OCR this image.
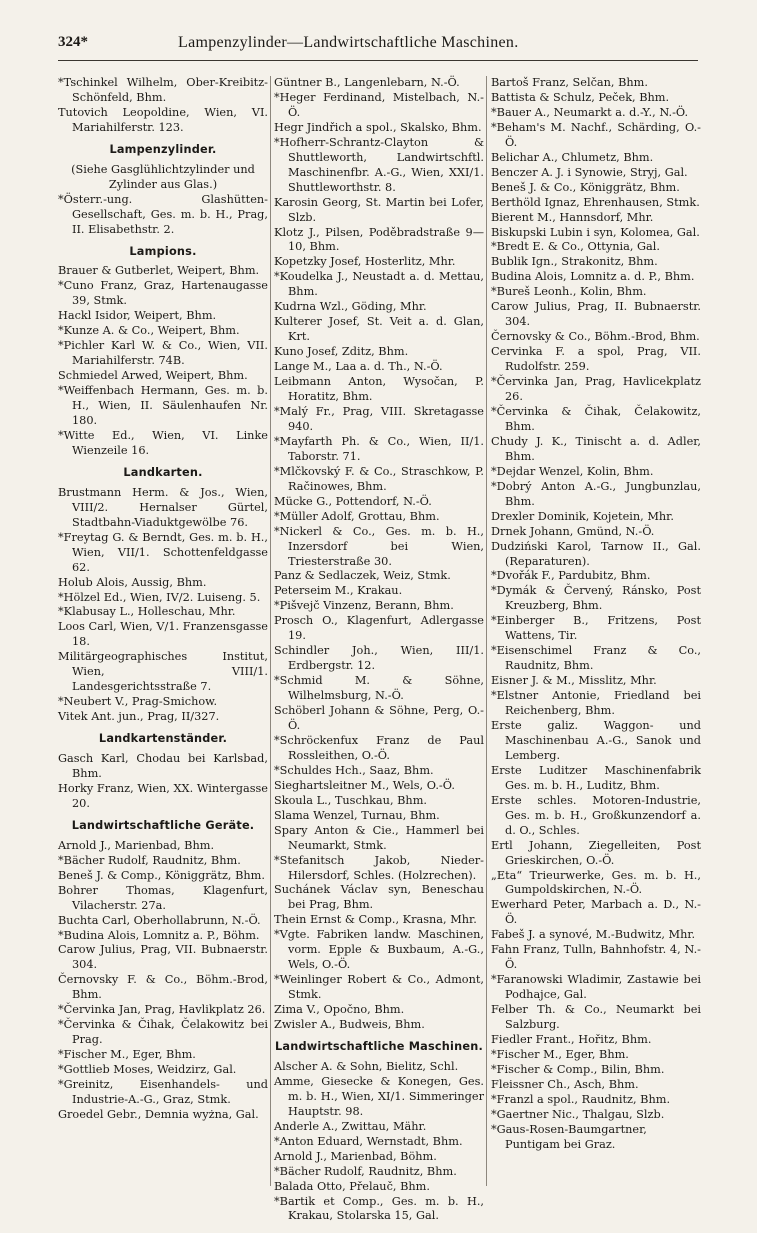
324*	Lampenzylinder—Landwirtschaftliche Maschinen.
*Tschinkel Wilhelm, Ober-Kreibitz-Schönfeld, Bhm.
Tutovich Leopoldine, Wien, VI. Mariahilferstr. 123.
Lampenzylinder.
(Siehe Gasglühlichtzylinder und Zylinder aus Glas.)
*Österr.-ung. Glashütten-Gesellschaft, Ges. m. b. H., Prag, II. Elisabethstr. 2.
Lampions.
Brauer & Gutberlet, Weipert, Bhm.
*Cuno Franz, Graz, Hartenaugasse 39, Stmk.
Hackl Isidor, Weipert, Bhm.
*Kunze A. & Co., Weipert, Bhm.
*Pichler Karl W. & Co., Wien, VII. Mariahilferstr. 74B.
Schmiedel Arwed, Weipert, Bhm.
*Weiffenbach Hermann, Ges. m. b. H., Wien, II. Säulenhaufen Nr. 180.
*Witte Ed., Wien, VI. Linke Wienzeile 16.
Landkarten.
Brustmann Herm. & Jos., Wien, VIII/2. Hernalser Gürtel, Stadtbahn-Viaduktgewölbe 76.
*Freytag G. & Berndt, Ges. m. b. H., Wien, VII/1. Schottenfeldgasse 62.
Holub Alois, Aussig, Bhm.
*Hölzel Ed., Wien, IV/2. Luiseng. 5.
*Klabusay L., Holleschau, Mhr.
Loos Carl, Wien, V/1. Franzensgasse 18.
Militärgeographisches Institut, Wien, VIII/1. Landesgerichtsstraße 7.
*Neubert V., Prag-Smichow.
Vitek Ant. jun., Prag, II/327.
Landkartenständer.
Gasch Karl, Chodau bei Karlsbad, Bhm.
Horky Franz, Wien, XX. Wintergasse 20.
Landwirtschaftliche Geräte.
Arnold J., Marienbad, Bhm.
*Bächer Rudolf, Raudnitz, Bhm.
Beneš J. & Comp., Königgrätz, Bhm.
Bohrer Thomas, Klagenfurt, Vilacherstr. 27a.
Buchta Carl, Oberhollabrunn, N.-Ö.
*Budina Alois, Lomnitz a. P., Böhm.
Carow Julius, Prag, VII. Bubnaerstr. 304.
Černovsky F. & Co., Böhm.-Brod, Bhm.
*Červinka Jan, Prag, Havlikplatz 26.
*Červinka & Čihak, Čelakowitz bei Prag.
*Fischer M., Eger, Bhm.
*Gottlieb Moses, Weidzirz, Gal.
*Greinitz, Eisenhandels- und Industrie-A.-G., Graz, Stmk.
Groedel Gebr., Demnia wyżna, Gal.
Güntner B., Langenlebarn, N.-Ö.
*Heger Ferdinand, Mistelbach, N.-Ö.
Hegr Jindřich a spol., Skalsko, Bhm.
*Hofherr-Schrantz-Clayton & Shuttleworth, Landwirtschftl. Maschinenfbr. A.-G., Wien, XXI/1. Shuttleworthstr. 8.
Karosin Georg, St. Martin bei Lofer, Slzb.
Klotz J., Pilsen, Poděbradstraße 9—10, Bhm.
Kopetzky Josef, Hosterlitz, Mhr.
*Koudelka J., Neustadt a. d. Mettau, Bhm.
Kudrna Wzl., Göding, Mhr.
Kulterer Josef, St. Veit a. d. Glan, Krt.
Kuno Josef, Zditz, Bhm.
Lange M., Laa a. d. Th., N.-Ö.
Leibmann Anton, Wysočan, P. Horatitz, Bhm.
*Malý Fr., Prag, VIII. Skretagasse 940.
*Mayfarth Ph. & Co., Wien, II/1. Taborstr. 71.
*Mlčkovský F. & Co., Straschkow, P. Račinowes, Bhm.
Mücke G., Pottendorf, N.-Ö.
*Müller Adolf, Grottau, Bhm.
*Nickerl & Co., Ges. m. b. H., Inzersdorf bei Wien, Triesterstraße 30.
Panz & Sedlaczek, Weiz, Stmk.
Peterseim M., Krakau.
*Pišvejč Vinzenz, Berann, Bhm.
Prosch O., Klagenfurt, Adlergasse 19.
Schindler Joh., Wien, III/1. Erdbergstr. 12.
*Schmid M. & Söhne, Wilhelmsburg, N.-Ö.
Schöberl Johann & Söhne, Perg, O.-Ö.
*Schröckenfux Franz de Paul Rossleithen, O.-Ö.
*Schuldes Hch., Saaz, Bhm.
Sieghartsleitner M., Wels, O.-Ö.
Skoula L., Tuschkau, Bhm.
Slama Wenzel, Turnau, Bhm.
Spary Anton & Cie., Hammerl bei Neumarkt, Stmk.
*Stefanitsch Jakob, Nieder-Hilersdorf, Schles. (Holzrechen).
Suchánek Václav syn, Beneschau bei Prag, Bhm.
Thein Ernst & Comp., Krasna, Mhr.
*Vgte. Fabriken landw. Maschinen, vorm. Epple & Buxbaum, A.-G., Wels, O.-Ö.
*Weinlinger Robert & Co., Admont, Stmk.
Zima V., Opočno, Bhm.
Zwisler A., Budweis, Bhm.
Landwirtschaftliche Maschinen.
Alscher A. & Sohn, Bielitz, Schl.
Amme, Giesecke & Konegen, Ges. m. b. H., Wien, XI/1. Simmeringer Hauptstr. 98.
Anderle A., Zwittau, Mähr.
*Anton Eduard, Wernstadt, Bhm.
Arnold J., Marienbad, Böhm.
*Bächer Rudolf, Raudnitz, Bhm.
Balada Otto, Přelauč, Bhm.
*Bartik et Comp., Ges. m. b. H., Krakau, Stolarska 15, Gal.
Bartoš Franz, Selčan, Bhm.
Battista & Schulz, Peček, Bhm.
*Bauer A., Neumarkt a. d.-Y., N.-Ö.
*Beham's M. Nachf., Schärding, O.-Ö.
Belichar A., Chlumetz, Bhm.
Benczer A. J. i Synowie, Stryj, Gal.
Beneš J. & Co., Königgrätz, Bhm.
Berthöld Ignaz, Ehrenhausen, Stmk.
Bierent M., Hannsdorf, Mhr.
Biskupski Lubin i syn, Kolomea, Gal.
*Bredt E. & Co., Ottynia, Gal.
Bublik Ign., Strakonitz, Bhm.
Budina Alois, Lomnitz a. d. P., Bhm.
*Bureš Leonh., Kolin, Bhm.
Carow Julius, Prag, II. Bubnaerstr. 304.
Černovsky & Co., Böhm.-Brod, Bhm.
Cervinka F. a spol, Prag, VII. Rudolfstr. 259.
*Červinka Jan, Prag, Havlicekplatz 26.
*Červinka & Čihak, Čelakowitz, Bhm.
Chudy J. K., Tinischt a. d. Adler, Bhm.
*Dejdar Wenzel, Kolin, Bhm.
*Dobrý Anton A.-G., Jungbunzlau, Bhm.
Drexler Dominik, Kojetein, Mhr.
Drnek Johann, Gmünd, N.-Ö.
Dudziński Karol, Tarnow II., Gal. (Reparaturen).
*Dvořák F., Pardubitz, Bhm.
*Dymák & Červený, Ránsko, Post Kreuzberg, Bhm.
*Einberger B., Fritzens, Post Wattens, Tir.
*Eisenschimel Franz & Co., Raudnitz, Bhm.
Eisner J. & M., Misslitz, Mhr.
*Elstner Antonie, Friedland bei Reichenberg, Bhm.
Erste galiz. Waggon- und Maschinenbau A.-G., Sanok und Lemberg.
Erste Luditzer Maschinenfabrik Ges. m. b. H., Luditz, Bhm.
Erste schles. Motoren-Industrie, Ges. m. b. H., Großkunzendorf a. d. O., Schles.
Ertl Johann, Ziegelleiten, Post Grieskirchen, O.-Ö.
„Eta“ Trieurwerke, Ges. m. b. H., Gumpoldskirchen, N.-Ö.
Ewerhard Peter, Marbach a. D., N.-Ö.
Fabeš J. a synové, M.-Budwitz, Mhr.
Fahn Franz, Tulln, Bahnhofstr. 4, N.-Ö.
*Faranowski Wladimir, Zastawie bei Podhajce, Gal.
Felber Th. & Co., Neumarkt bei Salzburg.
Fiedler Frant., Hořitz, Bhm.
*Fischer M., Eger, Bhm.
*Fischer & Comp., Bilin, Bhm.
Fleissner Ch., Asch, Bhm.
*Franzl a spol., Raudnitz, Bhm.
*Gaertner Nic., Thalgau, Slzb.
*Gaus-Rosen-Baumgartner, Puntigam bei Graz.
